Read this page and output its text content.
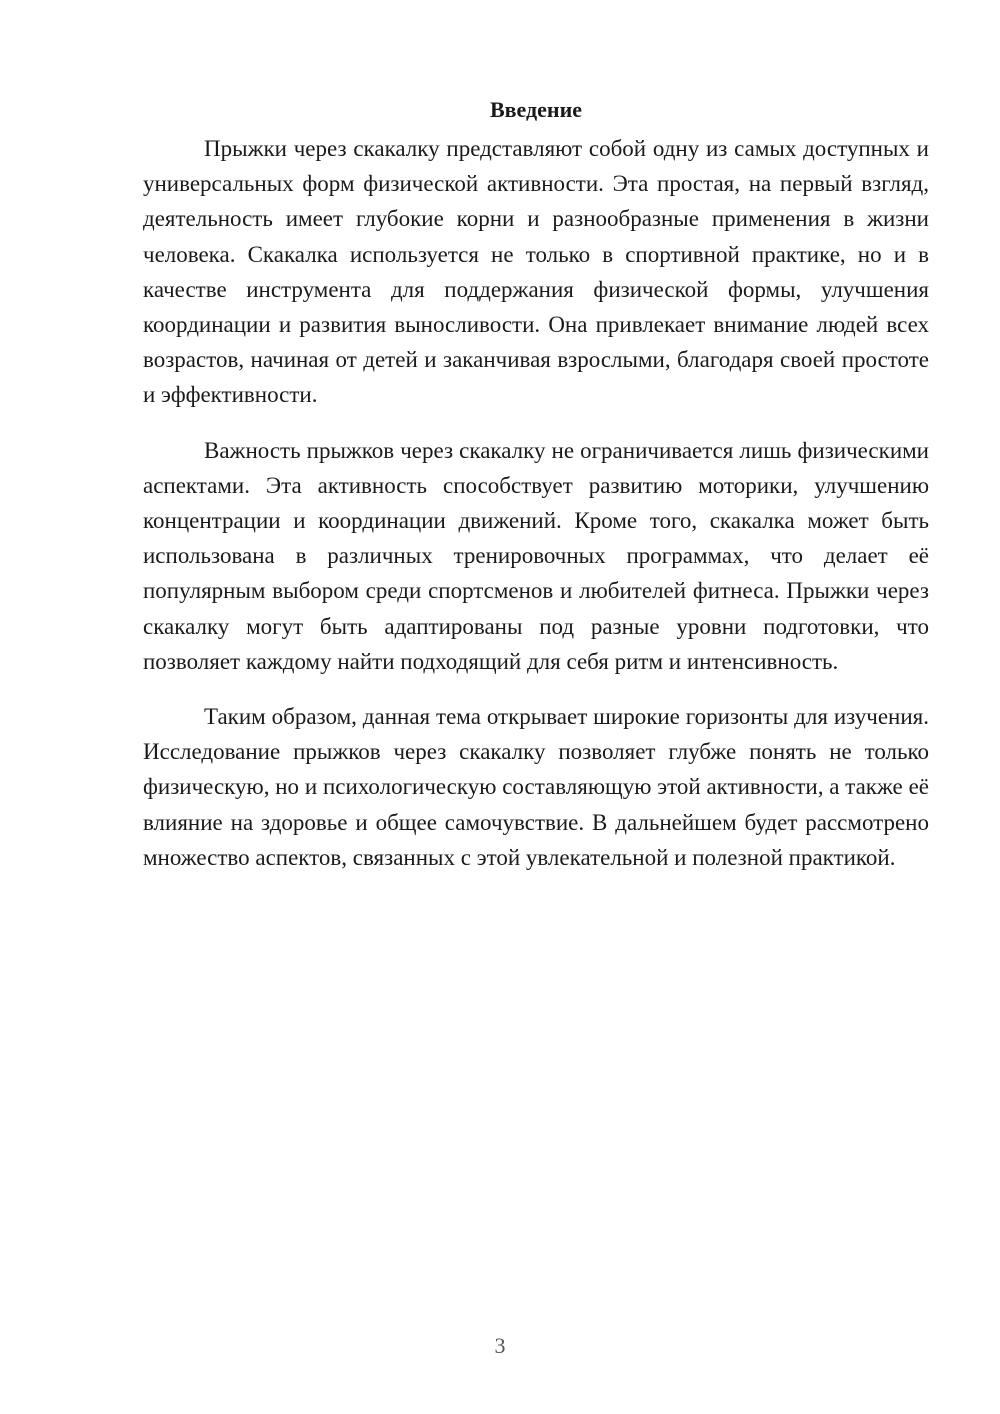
Введение

Прыжки через скакалку представляют собой одну из самых доступных и универсальных форм физической активности. Эта простая, на первый взгляд, деятельность имеет глубокие корни и разнообразные применения в жизни человека. Скакалка используется не только в спортивной практике, но и в качестве инструмента для поддержания физической формы, улучшения координации и развития выносливости. Она привлекает внимание людей всех возрастов, начиная от детей и заканчивая взрослыми, благодаря своей простоте и эффективности.

Важность прыжков через скакалку не ограничивается лишь физическими аспектами. Эта активность способствует развитию моторики, улучшению концентрации и координации движений. Кроме того, скакалка может быть использована в различных тренировочных программах, что делает её популярным выбором среди спортсменов и любителей фитнеса. Прыжки через скакалку могут быть адаптированы под разные уровни подготовки, что позволяет каждому найти подходящий для себя ритм и интенсивность.

Таким образом, данная тема открывает широкие горизонты для изучения. Исследование прыжков через скакалку позволяет глубже понять не только физическую, но и психологическую составляющую этой активности, а также её влияние на здоровье и общее самочувствие. В дальнейшем будет рассмотрено множество аспектов, связанных с этой увлекательной и полезной практикой.

3
